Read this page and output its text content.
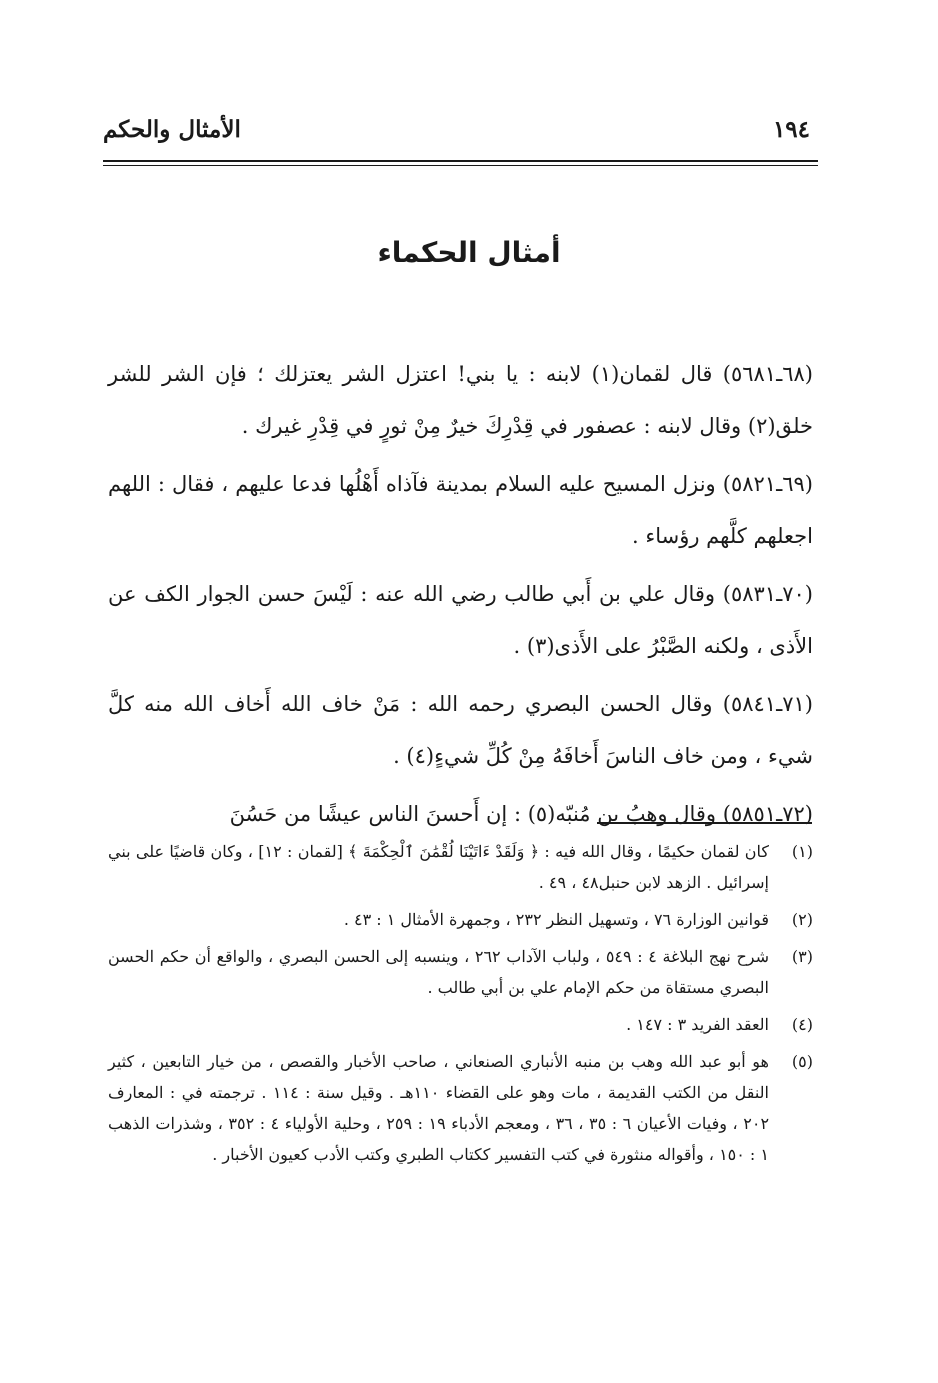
١٩٤
الأمثال والحكم
أمثال الحكماء

(٦٨ـ٥٦٨١) قال لقمان(١) لابنه : يا بني! اعتزل الشر يعتزلك ؛ فإن الشر للشر خلق(٢) وقال لابنه : عصفور في قِدْرِكَ خيرٌ مِنْ ثورٍ في قِدْرِ غيرك .

(٦٩ـ٥٨٢١) ونزل المسيح عليه السلام بمدينة فآذاه أَهْلُها فدعا عليهم ، فقال : اللهم اجعلهم كلَّهم رؤساء .

(٧٠ـ٥٨٣١) وقال علي بن أَبي طالب رضي الله عنه : لَيْسَ حسن الجوار الكف عن الأَذى ، ولكنه الصَّبْرُ على الأَذى(٣) .

(٧١ـ٥٨٤١) وقال الحسن البصري رحمه الله : مَنْ خاف الله أَخاف الله منه كلَّ شيء ، ومن خاف الناسَ أَخافَهُ مِنْ كُلِّ شيءٍ(٤) .

(٧٢ـ٥٨٥١) وقال وهبُ بن مُنبّه(٥) : إن أَحسنَ الناس عيشًا من حَسُنَ

(١)
كان لقمان حكيمًا ، وقال الله فيه : ﴿ وَلَقَدْ ءَاتَيْنَا لُقْمَٰنَ ٱلْحِكْمَةَ ﴾ [لقمان : ١٢] ، وكان قاضيًا على بني إسرائيل . الزهد لابن حنبل٤٨ ، ٤٩ .
(٢)
قوانين الوزارة ٧٦ ، وتسهيل النظر ٢٣٢ ، وجمهرة الأمثال ١ : ٤٣ .
(٣)
شرح نهج البلاغة ٤ : ٥٤٩ ، ولباب الآداب ٢٦٢ ، وينسبه إلى الحسن البصري ، والواقع أن حكم الحسن البصري مستقاة من حكم الإمام علي بن أبي طالب .
(٤)
العقد الفريد ٣ : ١٤٧ .
(٥)
هو أبو عبد الله وهب بن منبه الأنباري الصنعاني ، صاحب الأخبار والقصص ، من خيار التابعين ، كثير النقل من الكتب القديمة ، مات وهو على القضاء ١١٠هـ . وقيل سنة : ١١٤ . ترجمته في : المعارف ٢٠٢ ، وفيات الأعيان ٦ : ٣٥ ، ٣٦ ، ومعجم الأدباء ١٩ : ٢٥٩ ، وحلية الأولياء ٤ : ٣٥٢ ، وشذرات الذهب ١ : ١٥٠ ، وأقواله منثورة في كتب التفسير ككتاب الطبري وكتب الأدب كعيون الأخبار .
